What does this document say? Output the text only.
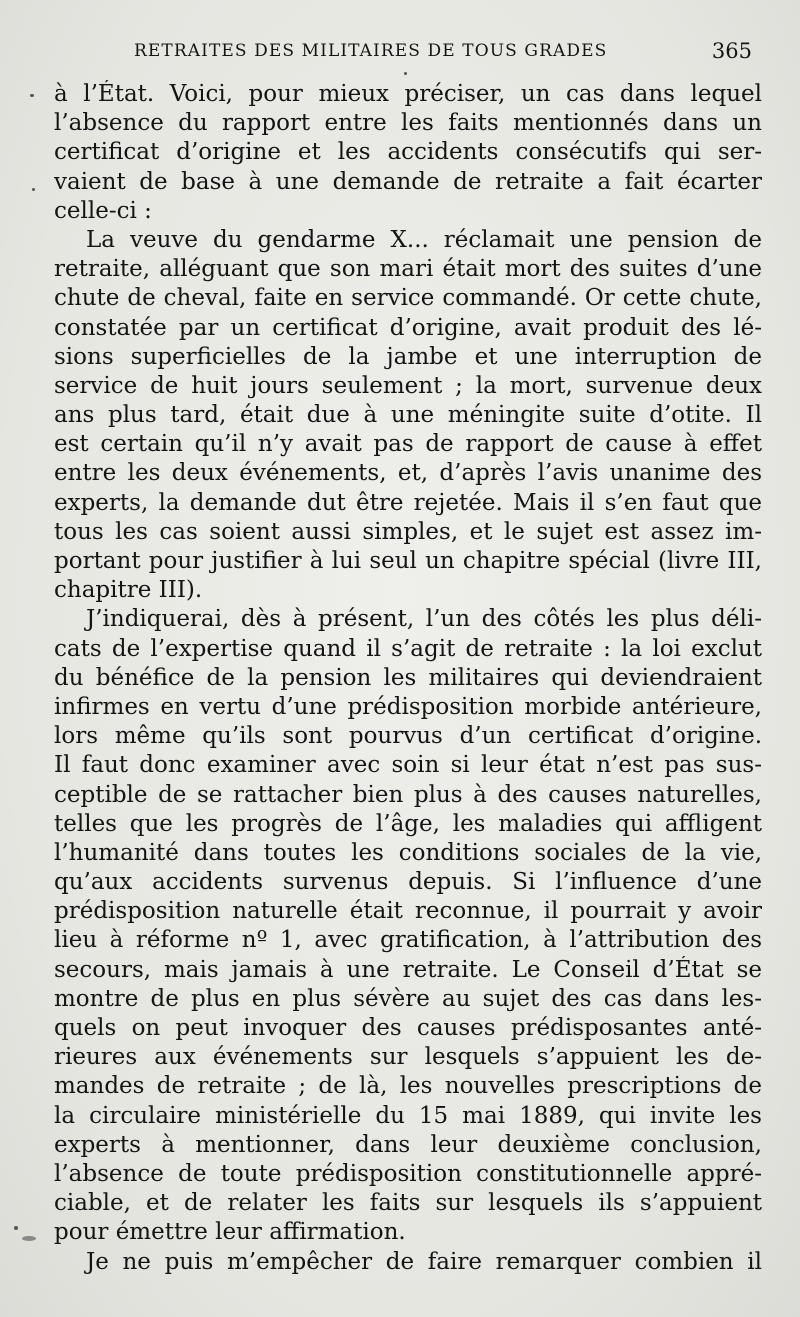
RETRAITES DES MILITAIRES DE TOUS GRADES	365
à l’État. Voici, pour mieux préciser, un cas dans lequel
l’absence du rapport entre les faits mentionnés dans un
certificat d’origine et les accidents consécutifs qui ser-
vaient de base à une demande de retraite a fait écarter
celle-ci :
La veuve du gendarme X... réclamait une pension de
retraite, alléguant que son mari était mort des suites d’une
chute de cheval, faite en service commandé. Or cette chute,
constatée par un certificat d’origine, avait produit des lé-
sions superficielles de la jambe et une interruption de
service de huit jours seulement ; la mort, survenue deux
ans plus tard, était due à une méningite suite d’otite. Il
est certain qu’il n’y avait pas de rapport de cause à effet
entre les deux événements, et, d’après l’avis unanime des
experts, la demande dut être rejetée. Mais il s’en faut que
tous les cas soient aussi simples, et le sujet est assez im-
portant pour justifier à lui seul un chapitre spécial (livre III,
chapitre III).
J’indiquerai, dès à présent, l’un des côtés les plus déli-
cats de l’expertise quand il s’agit de retraite : la loi exclut
du bénéfice de la pension les militaires qui deviendraient
infirmes en vertu d’une prédisposition morbide antérieure,
lors même qu’ils sont pourvus d’un certificat d’origine.
Il faut donc examiner avec soin si leur état n’est pas sus-
ceptible de se rattacher bien plus à des causes naturelles,
telles que les progrès de l’âge, les maladies qui affligent
l’humanité dans toutes les conditions sociales de la vie,
qu’aux accidents survenus depuis. Si l’influence d’une
prédisposition naturelle était reconnue, il pourrait y avoir
lieu à réforme nº 1, avec gratification, à l’attribution des
secours, mais jamais à une retraite. Le Conseil d’État se
montre de plus en plus sévère au sujet des cas dans les-
quels on peut invoquer des causes prédisposantes anté-
rieures aux événements sur lesquels s’appuient les de-
mandes de retraite ; de là, les nouvelles prescriptions de
la circulaire ministérielle du 15 mai 1889, qui invite les
experts à mentionner, dans leur deuxième conclusion,
l’absence de toute prédisposition constitutionnelle appré-
ciable, et de relater les faits sur lesquels ils s’appuient
pour émettre leur affirmation.
Je ne puis m’empêcher de faire remarquer combien il
